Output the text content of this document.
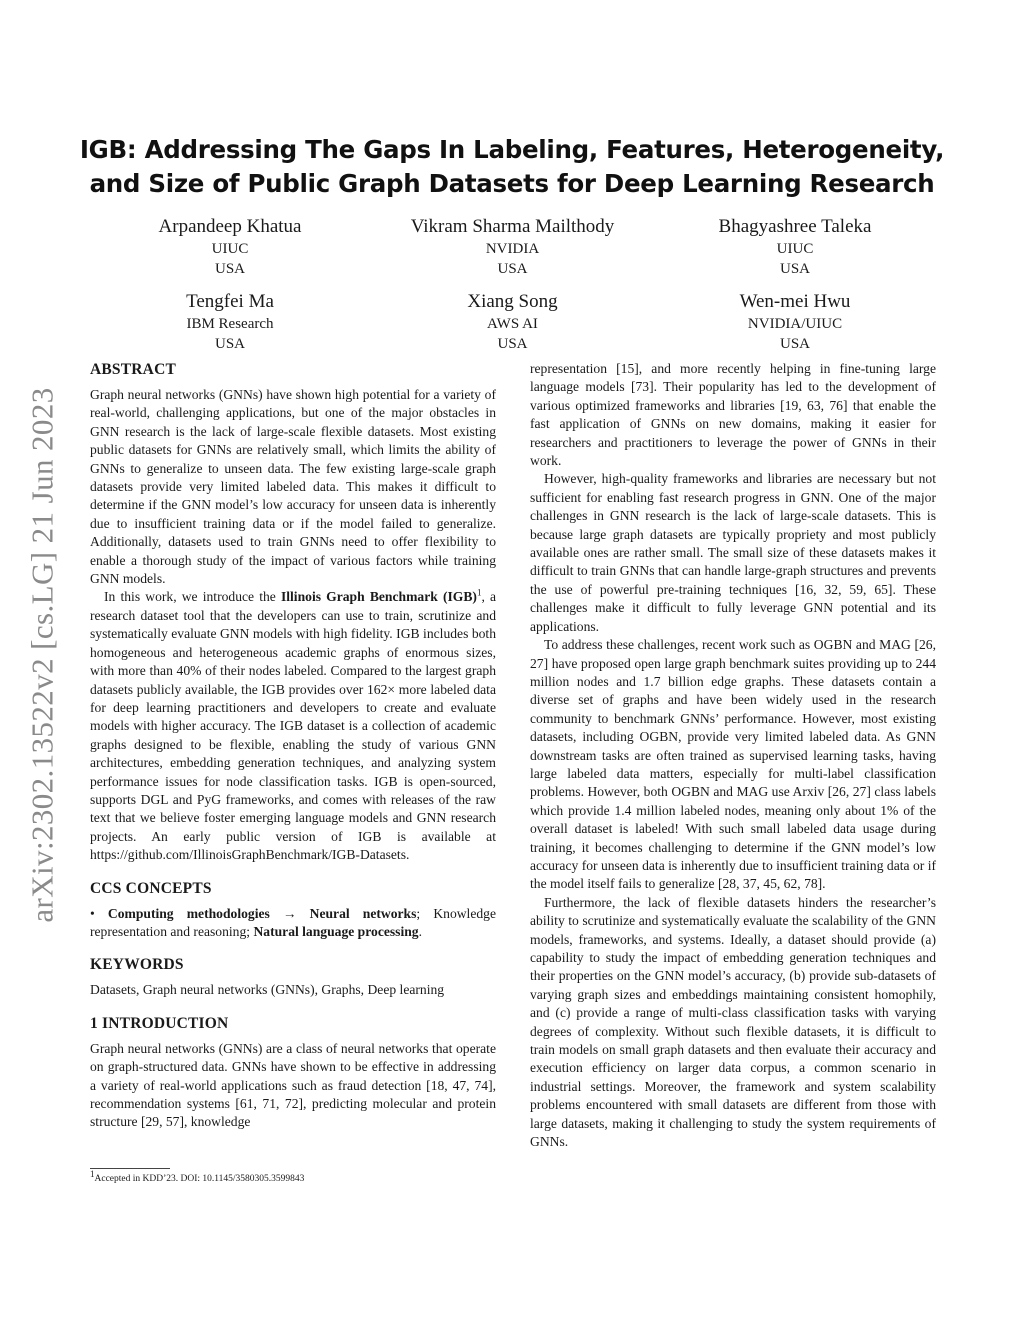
arXiv:2302.13522v2 [cs.LG] 21 Jun 2023
IGB: Addressing The Gaps In Labeling, Features, Heterogeneity,
and Size of Public Graph Datasets for Deep Learning Research
Arpandeep Khatua
UIUC
USA
Vikram Sharma Mailthody
NVIDIA
USA
Bhagyashree Taleka
UIUC
USA
Tengfei Ma
IBM Research
USA
Xiang Song
AWS AI
USA
Wen-mei Hwu
NVIDIA/UIUC
USA
ABSTRACT

Graph neural networks (GNNs) have shown high potential for a variety of real-world, challenging applications, but one of the major obstacles in GNN research is the lack of large-scale flexible datasets. Most existing public datasets for GNNs are relatively small, which limits the ability of GNNs to generalize to unseen data. The few existing large-scale graph datasets provide very limited labeled data. This makes it difficult to determine if the GNN model’s low accuracy for unseen data is inherently due to insufficient training data or if the model failed to generalize. Additionally, datasets used to train GNNs need to offer flexibility to enable a thorough study of the impact of various factors while training GNN models.

In this work, we introduce the Illinois Graph Benchmark (IGB)$^1$, a research dataset tool that the developers can use to train, scrutinize and systematically evaluate GNN models with high fidelity. IGB includes both homogeneous and heterogeneous academic graphs of enormous sizes, with more than 40% of their nodes labeled. Compared to the largest graph datasets publicly available, the IGB provides over 162× more labeled data for deep learning practitioners and developers to create and evaluate models with higher accuracy. The IGB dataset is a collection of academic graphs designed to be flexible, enabling the study of various GNN architectures, embedding generation techniques, and analyzing system performance issues for node classification tasks. IGB is open-sourced, supports DGL and PyG frameworks, and comes with releases of the raw text that we believe foster emerging language models and GNN research projects. An early public version of IGB is available at https://github.com/IllinoisGraphBenchmark/IGB-Datasets.

CCS CONCEPTS

• Computing methodologies → Neural networks; Knowledge representation and reasoning; Natural language processing.

KEYWORDS

Datasets, Graph neural networks (GNNs), Graphs, Deep learning

1 INTRODUCTION

Graph neural networks (GNNs) are a class of neural networks that operate on graph-structured data. GNNs have shown to be effective in addressing a variety of real-world applications such as fraud detection [18, 47, 74], recommendation systems [61, 71, 72], predicting molecular and protein structure [29, 57], knowledge

representation [15], and more recently helping in fine-tuning large language models [73]. Their popularity has led to the development of various optimized frameworks and libraries [19, 63, 76] that enable the fast application of GNNs on new domains, making it easier for researchers and practitioners to leverage the power of GNNs in their work.

However, high-quality frameworks and libraries are necessary but not sufficient for enabling fast research progress in GNN. One of the major challenges in GNN research is the lack of large-scale datasets. This is because large graph datasets are typically propriety and most publicly available ones are rather small. The small size of these datasets makes it difficult to train GNNs that can handle large-graph structures and prevents the use of powerful pre-training techniques [16, 32, 59, 65]. These challenges make it difficult to fully leverage GNN potential and its applications.

To address these challenges, recent work such as OGBN and MAG [26, 27] have proposed open large graph benchmark suites providing up to 244 million nodes and 1.7 billion edge graphs. These datasets contain a diverse set of graphs and have been widely used in the research community to benchmark GNNs’ performance. However, most existing datasets, including OGBN, provide very limited labeled data. As GNN downstream tasks are often trained as supervised learning tasks, having large labeled data matters, especially for multi-label classification problems. However, both OGBN and MAG use Arxiv [26, 27] class labels which provide 1.4 million labeled nodes, meaning only about 1% of the overall dataset is labeled! With such small labeled data usage during training, it becomes challenging to determine if the GNN model’s low accuracy for unseen data is inherently due to insufficient training data or if the model itself fails to generalize [28, 37, 45, 62, 78].

Furthermore, the lack of flexible datasets hinders the researcher’s ability to scrutinize and systematically evaluate the scalability of the GNN models, frameworks, and systems. Ideally, a dataset should provide (a) capability to study the impact of embedding generation techniques and their properties on the GNN model’s accuracy, (b) provide sub-datasets of varying graph sizes and embeddings maintaining consistent homophily, and (c) provide a range of multi-class classification tasks with varying degrees of complexity. Without such flexible datasets, it is difficult to train models on small graph datasets and then evaluate their accuracy and execution efficiency on larger data corpus, a common scenario in industrial settings. Moreover, the framework and system scalability problems encountered with small datasets are different from those with large datasets, making it challenging to study the system requirements of GNNs.

$^1$Accepted in KDD’23. DOI: 10.1145/3580305.3599843
